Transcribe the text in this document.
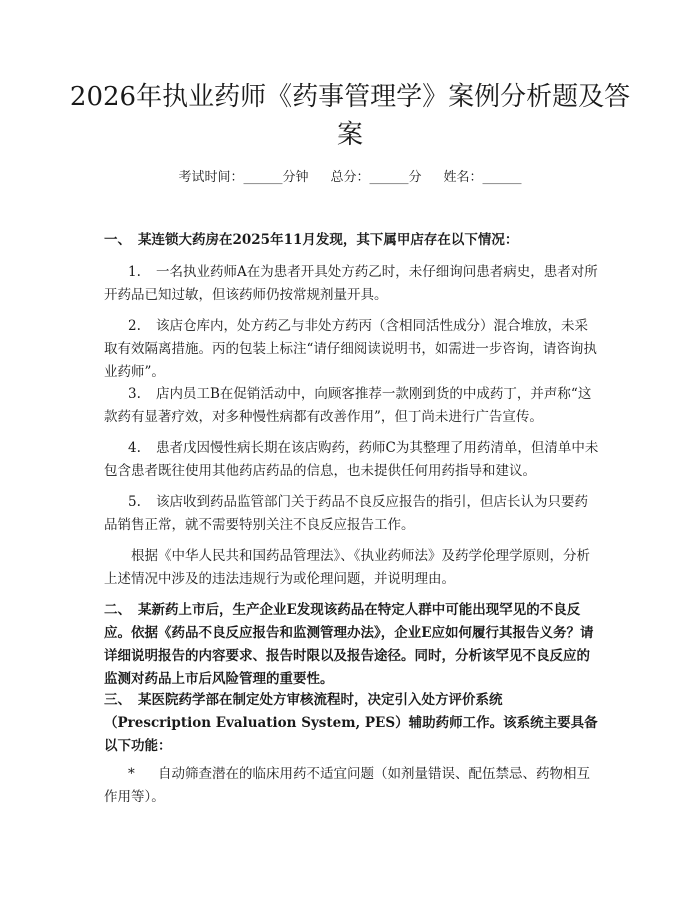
2026年执业药师《药事管理学》案例分析题及答案
考试时间：______分钟 总分：______分 姓名：______

一、 某连锁大药房在2025年11月发现，其下属甲店存在以下情况：

1. 一名执业药师A在为患者开具处方药乙时，未仔细询问患者病史，患者对所开药品已知过敏，但该药师仍按常规剂量开具。

2. 该店仓库内，处方药乙与非处方药丙（含相同活性成分）混合堆放，未采取有效隔离措施。丙的包装上标注“请仔细阅读说明书，如需进一步咨询，请咨询执业药师”。

3. 店内员工B在促销活动中，向顾客推荐一款刚到货的中成药丁，并声称“这款药有显著疗效，对多种慢性病都有改善作用”，但丁尚未进行广告宣传。

4. 患者戊因慢性病长期在该店购药，药师C为其整理了用药清单，但清单中未包含患者既往使用其他药店药品的信息，也未提供任何用药指导和建议。

5. 该店收到药品监管部门关于药品不良反应报告的指引，但店长认为只要药品销售正常，就不需要特别关注不良反应报告工作。

根据《中华人民共和国药品管理法》、《执业药师法》及药学伦理学原则，分析上述情况中涉及的违法违规行为或伦理问题，并说明理由。

二、 某新药上市后，生产企业E发现该药品在特定人群中可能出现罕见的不良反应。依据《药品不良反应报告和监测管理办法》，企业E应如何履行其报告义务？请详细说明报告的内容要求、报告时限以及报告途径。同时，分析该罕见不良反应的监测对药品上市后风险管理的重要性。

三、 某医院药学部在制定处方审核流程时，决定引入处方评价系统（Prescription Evaluation System, PES）辅助药师工作。该系统主要具备以下功能：

* 自动筛查潜在的临床用药不适宜问题（如剂量错误、配伍禁忌、药物相互作用等）。
